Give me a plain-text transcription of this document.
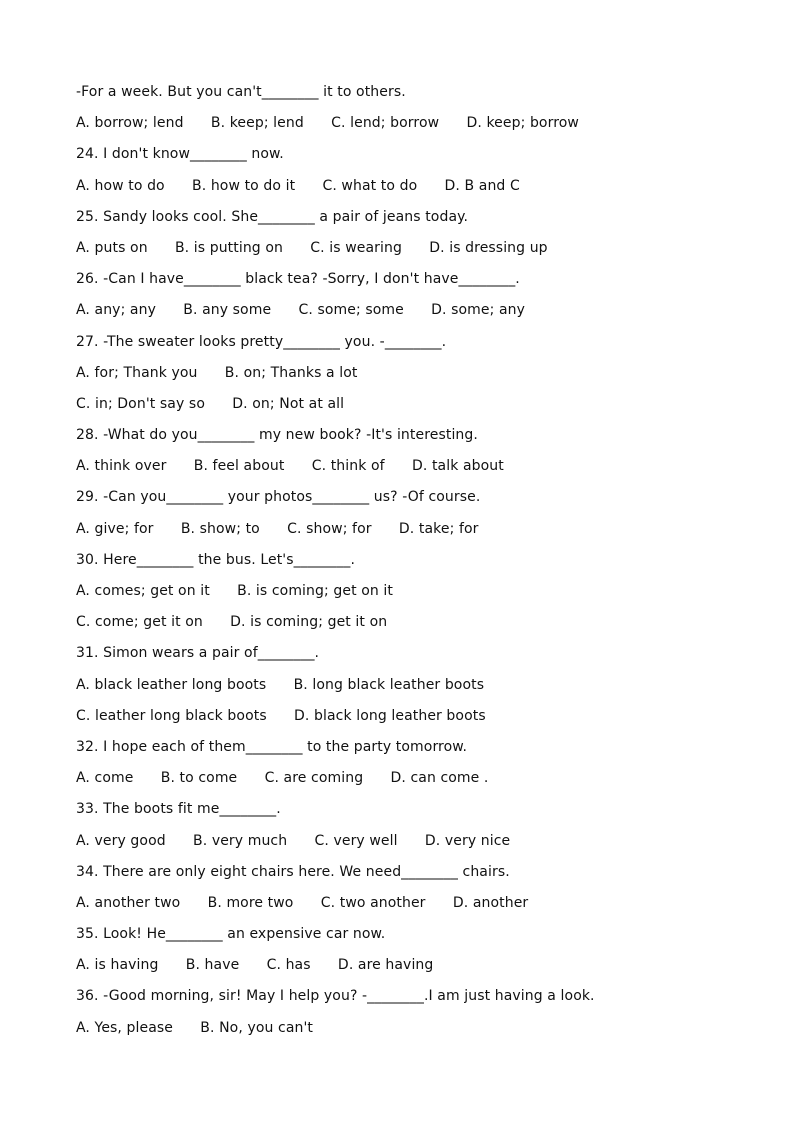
-For a week. But you can't________ it to others.
A. borrow; lend      B. keep; lend      C. lend; borrow      D. keep; borrow
24. I don't know________ now.
A. how to do      B. how to do it      C. what to do      D. B and C
25. Sandy looks cool. She________ a pair of jeans today.
A. puts on      B. is putting on      C. is wearing      D. is dressing up
26. -Can I have________ black tea? -Sorry, I don't have________.
A. any; any      B. any some      C. some; some      D. some; any
27. -The sweater looks pretty________ you. -________.
A. for; Thank you      B. on; Thanks a lot
C. in; Don't say so      D. on; Not at all
28. -What do you________ my new book? -It's interesting.
A. think over      B. feel about      C. think of      D. talk about
29. -Can you________ your photos________ us? -Of course.
A. give; for      B. show; to      C. show; for      D. take; for
30. Here________ the bus. Let's________.
A. comes; get on it      B. is coming; get on it
C. come; get it on      D. is coming; get it on
31. Simon wears a pair of________.
A. black leather long boots      B. long black leather boots
C. leather long black boots      D. black long leather boots
32. I hope each of them________ to the party tomorrow.
A. come      B. to come      C. are coming      D. can come .
33. The boots fit me________.
A. very good      B. very much      C. very well      D. very nice
34. There are only eight chairs here. We need________ chairs.
A. another two      B. more two      C. two another      D. another
35. Look! He________ an expensive car now.
A. is having      B. have      C. has      D. are having
36. -Good morning, sir! May I help you? -________.I am just having a look.
A. Yes, please      B. No, you can't
